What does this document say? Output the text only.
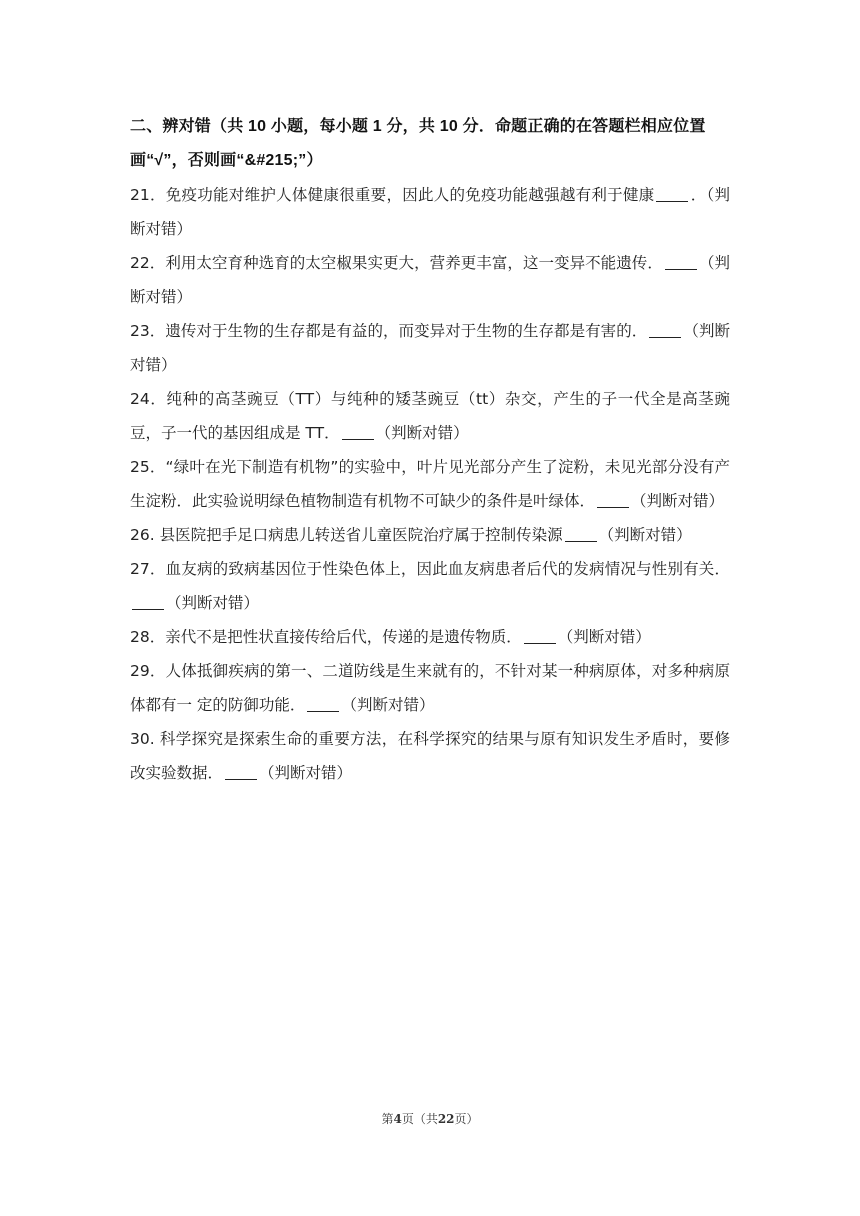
二、辨对错（共 10 小题，每小题 1 分，共 10 分．命题正确的在答题栏相应位置画“√”，否则画“&#215;”）
21．免疫功能对维护人体健康很重要，因此人的免疫功能越强越有利于健康 ．（判断对错）
22．利用太空育种选育的太空椒果实更大，营养更丰富，这一变异不能遗传． （判断对错）
23．遗传对于生物的生存都是有益的，而变异对于生物的生存都是有害的． （判断对错）
24．纯种的高茎豌豆（TT）与纯种的矮茎豌豆（tt）杂交，产生的子一代全是高茎豌豆，子一代的基因组成是 TT． （判断对错）
25．“绿叶在光下制造有机物”的实验中，叶片见光部分产生了淀粉，未见光部分没有产生淀粉．此实验说明绿色植物制造有机物不可缺少的条件是叶绿体． （判断对错）
26. 县医院把手足口病患儿转送省儿童医院治疗属于控制传染源 （判断对错）
27．血友病的致病基因位于性染色体上，因此血友病患者后代的发病情况与性别有关．（判断对错）
28．亲代不是把性状直接传给后代，传递的是遗传物质． （判断对错）
29．人体抵御疾病的第一、二道防线是生来就有的，不针对某一种病原体，对多种病原体都有一 定的防御功能． （判断对错）
30. 科学探究是探索生命的重要方法，在科学探究的结果与原有知识发生矛盾时，要修改实验数据． （判断对错）
第4页（共22页）
